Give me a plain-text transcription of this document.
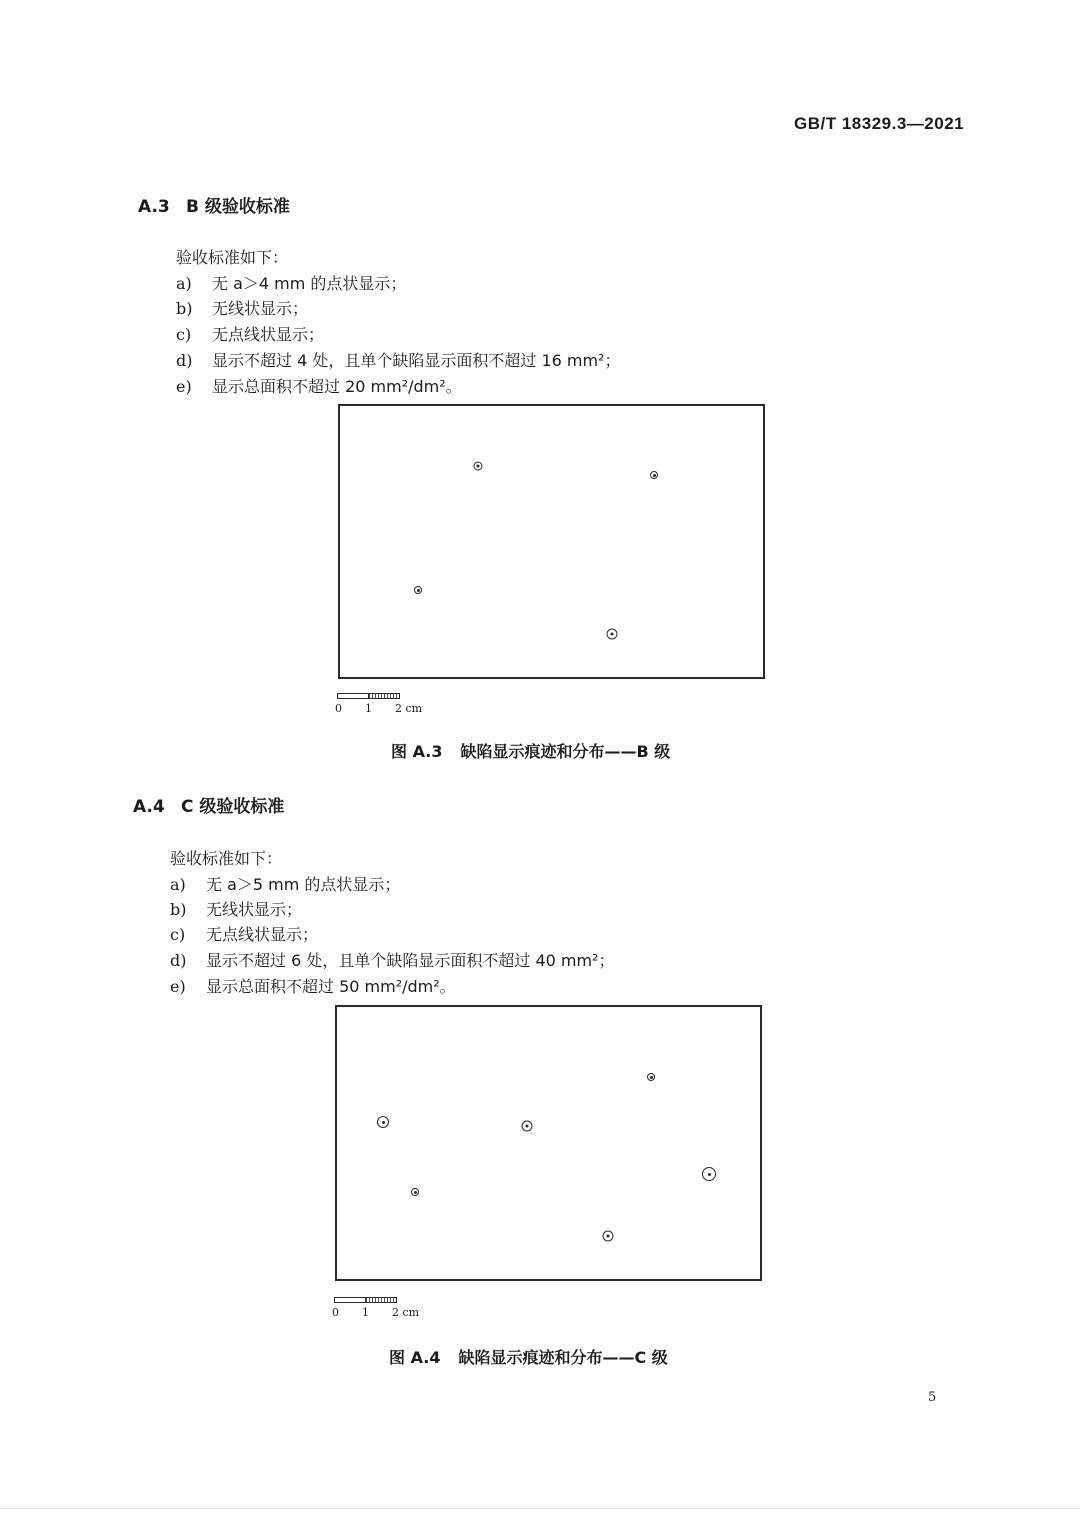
GB/T 18329.3—2021
A.3 B 级验收标准
验收标准如下：
a) 无 a＞4 mm 的点状显示；
b) 无线状显示；
c) 无点线状显示；
d) 显示不超过 4 处，且单个缺陷显示面积不超过 16 mm²；
e) 显示总面积不超过 20 mm²/dm²。
0 1 2 cm
图 A.3 缺陷显示痕迹和分布——B 级
A.4 C 级验收标准
验收标准如下：
a) 无 a＞5 mm 的点状显示；
b) 无线状显示；
c) 无点线状显示；
d) 显示不超过 6 处，且单个缺陷显示面积不超过 40 mm²；
e) 显示总面积不超过 50 mm²/dm²。
0 1 2 cm
图 A.4 缺陷显示痕迹和分布——C 级
5
